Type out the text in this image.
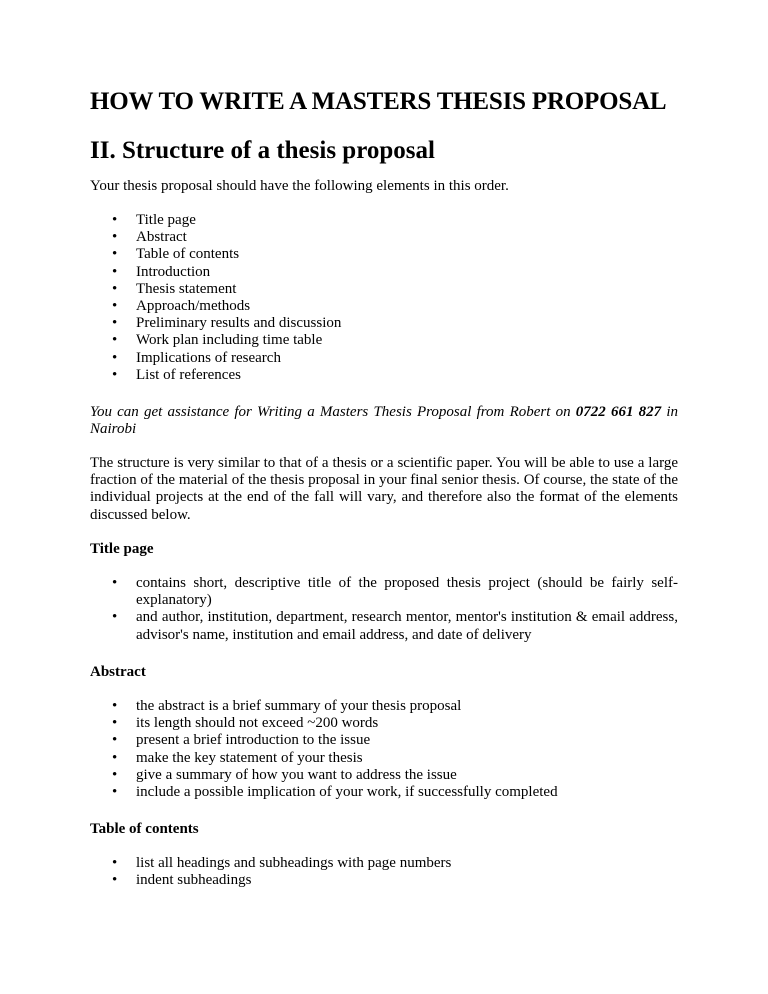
HOW TO WRITE A MASTERS THESIS PROPOSAL
II. Structure of a thesis proposal

Your thesis proposal should have the following elements in this order.

• Title page
• Abstract
• Table of contents
• Introduction
• Thesis statement
• Approach/methods
• Preliminary results and discussion
• Work plan including time table
• Implications of research
• List of references

You can get assistance for Writing a Masters Thesis Proposal from Robert on 0722 661 827 in Nairobi

The structure is very similar to that of a thesis or a scientific paper. You will be able to use a large fraction of the material of the thesis proposal in your final senior thesis. Of course, the state of the individual projects at the end of the fall will vary, and therefore also the format of the elements discussed below.

Title page
• contains short, descriptive title of the proposed thesis project (should be fairly self-explanatory)
• and author, institution, department, research mentor, mentor's institution & email address, advisor's name, institution and email address, and date of delivery
Abstract
• the abstract is a brief summary of your thesis proposal
• its length should not exceed ~200 words
• present a brief introduction to the issue
• make the key statement of your thesis
• give a summary of how you want to address the issue
• include a possible implication of your work, if successfully completed
Table of contents
• list all headings and subheadings with page numbers
• indent subheadings
